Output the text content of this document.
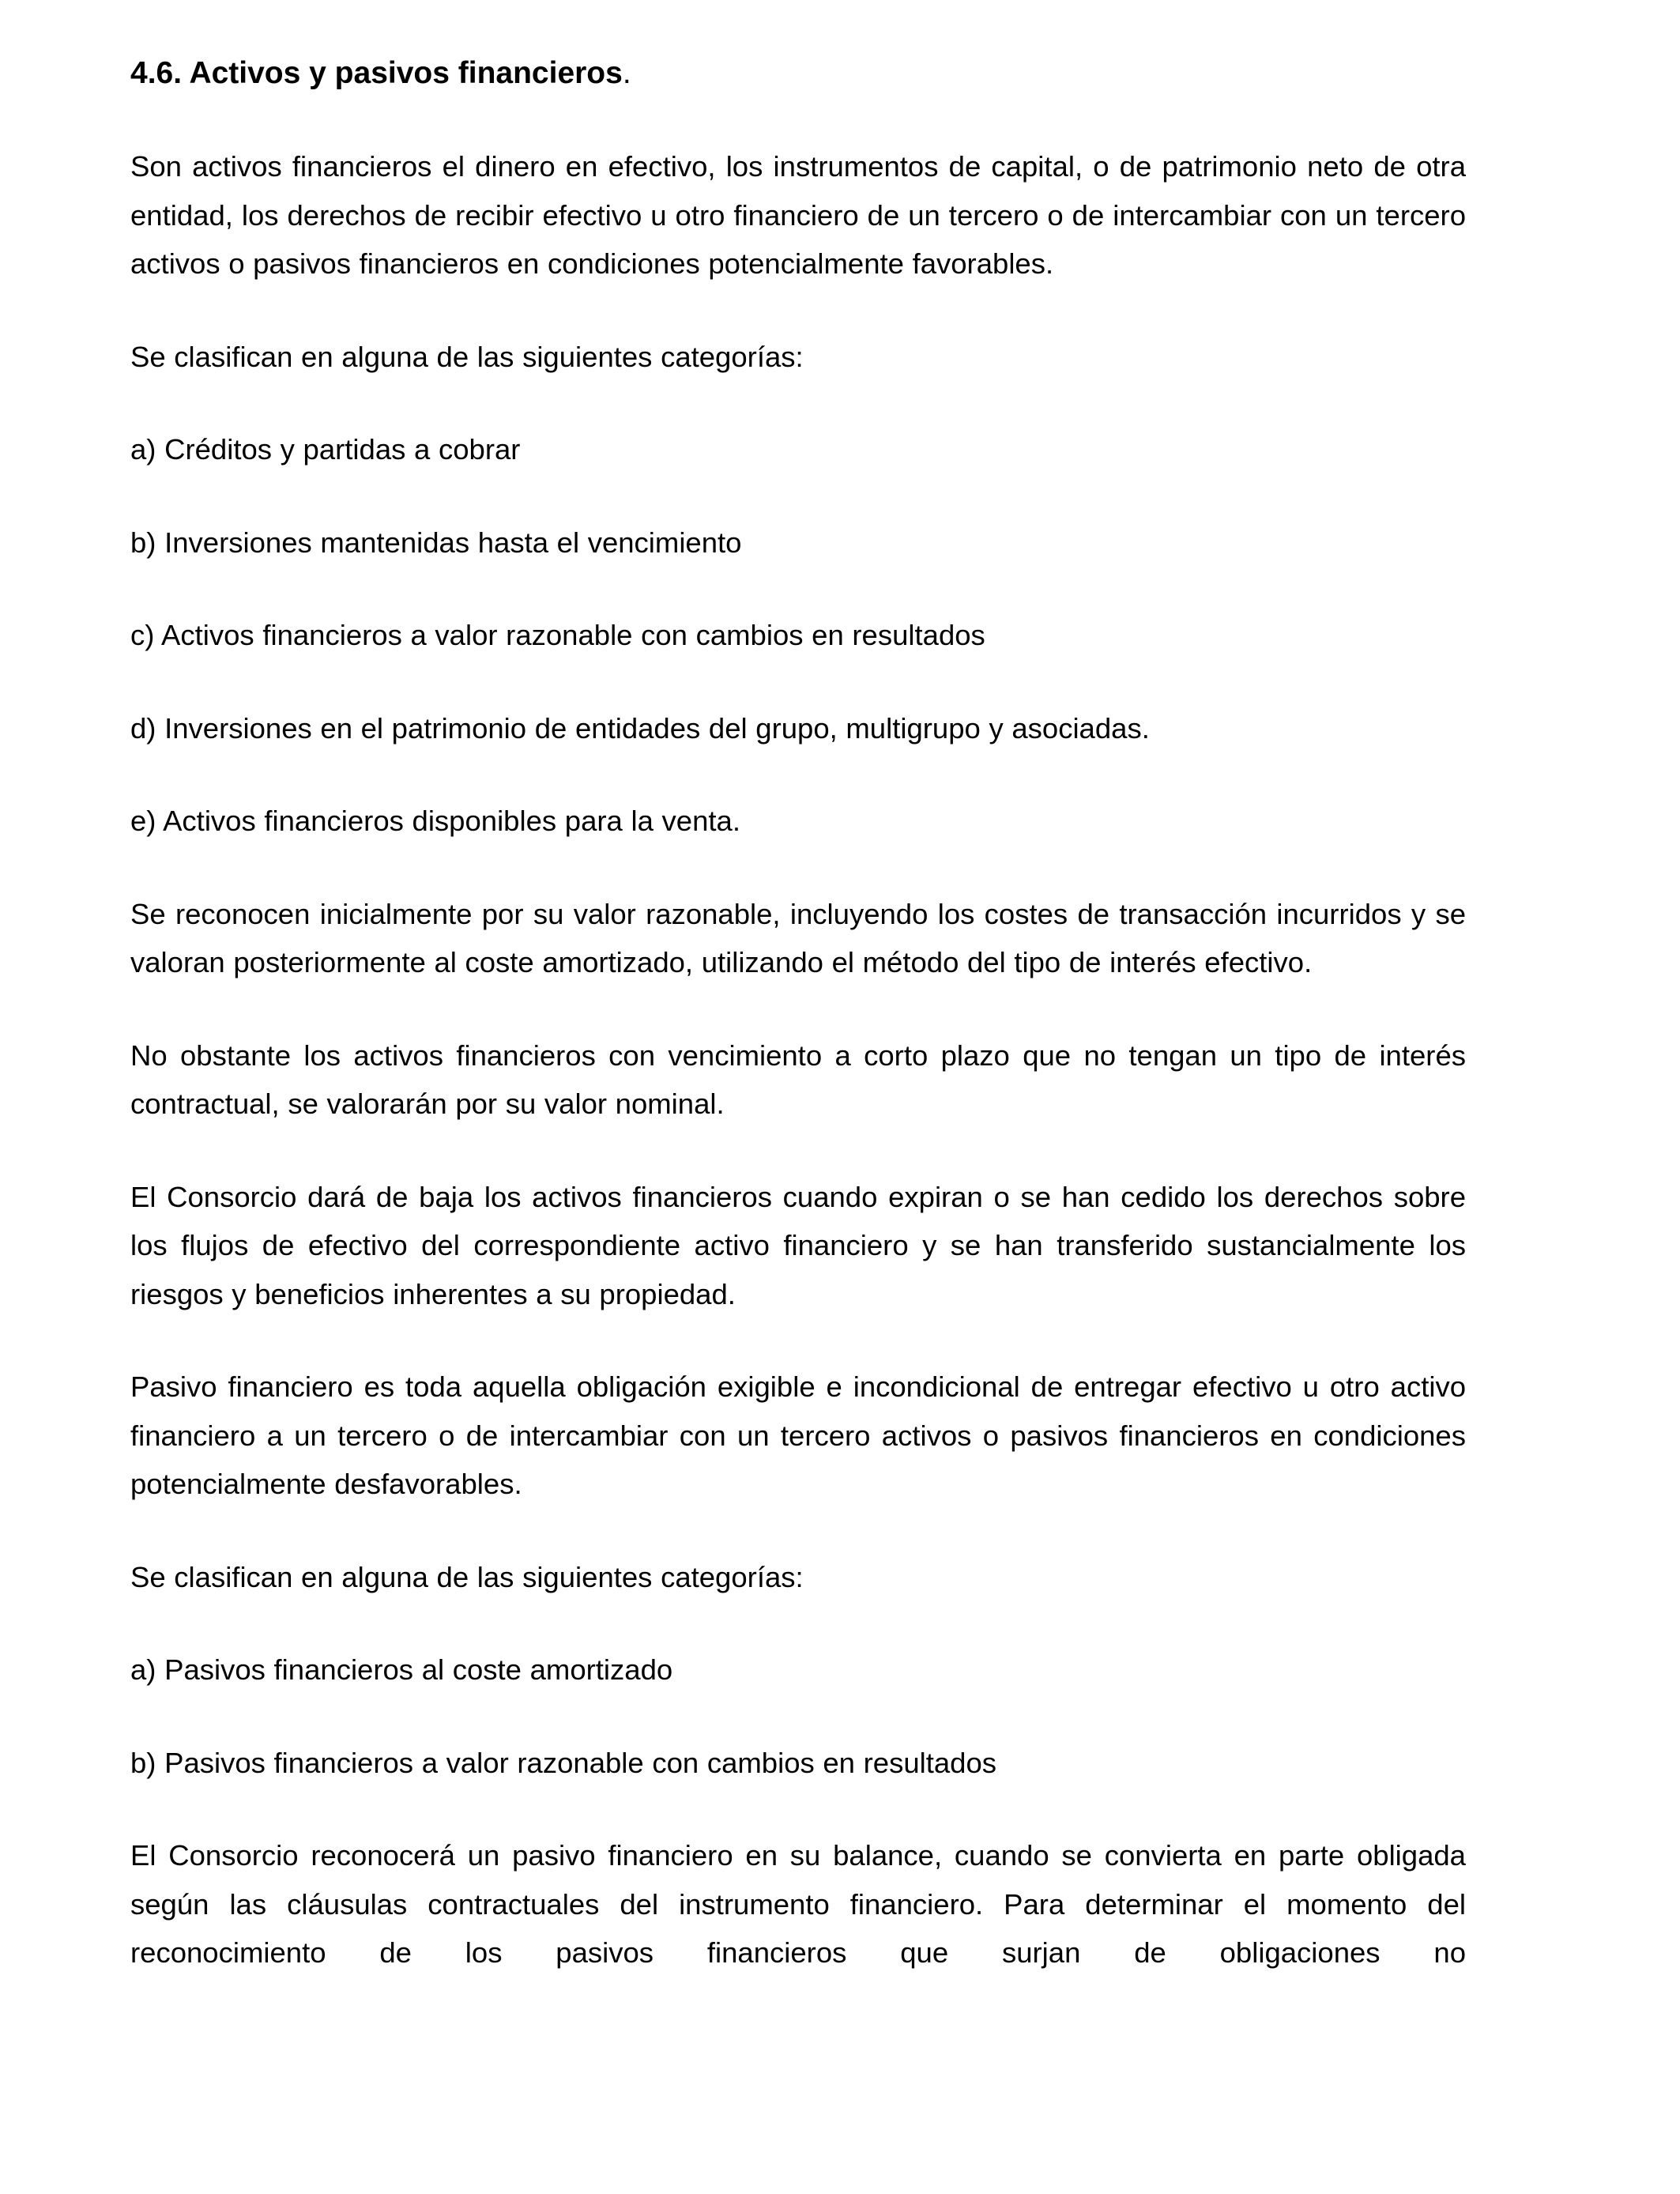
4.6. Activos y pasivos financieros.

Son activos financieros el dinero en efectivo, los instrumentos de capital, o de patrimonio neto de otra entidad, los derechos de recibir efectivo u otro financiero de un tercero o de intercambiar con un tercero activos o pasivos financieros en condiciones potencialmente favorables.

Se clasifican en alguna de las siguientes categorías:

a) Créditos y partidas a cobrar

b) Inversiones mantenidas hasta el vencimiento

c) Activos financieros a valor razonable con cambios en resultados

d) Inversiones en el patrimonio de entidades del grupo, multigrupo y asociadas.

e) Activos financieros disponibles para la venta.

Se reconocen inicialmente por su valor razonable, incluyendo los costes de transacción incurridos y se valoran posteriormente al coste amortizado, utilizando el método del tipo de interés efectivo.

No obstante los activos financieros con vencimiento a corto plazo que no tengan un tipo de interés contractual, se valorarán por su valor nominal.

El Consorcio dará de baja los activos financieros cuando expiran o se han cedido los derechos sobre los flujos de efectivo del correspondiente activo financiero y se han transferido sustancialmente los riesgos y beneficios inherentes a su propiedad.

Pasivo financiero es toda aquella obligación exigible e incondicional de entregar efectivo u otro activo financiero a un tercero o de intercambiar con un tercero activos o pasivos financieros en condiciones potencialmente desfavorables.

Se clasifican en alguna de las siguientes categorías:

a) Pasivos financieros al coste amortizado

b) Pasivos financieros a valor razonable con cambios en resultados

El Consorcio reconocerá un pasivo financiero en su balance, cuando se convierta en parte obligada según las cláusulas contractuales del instrumento financiero. Para determinar el momento del reconocimiento de los pasivos financieros que surjan de obligaciones no
